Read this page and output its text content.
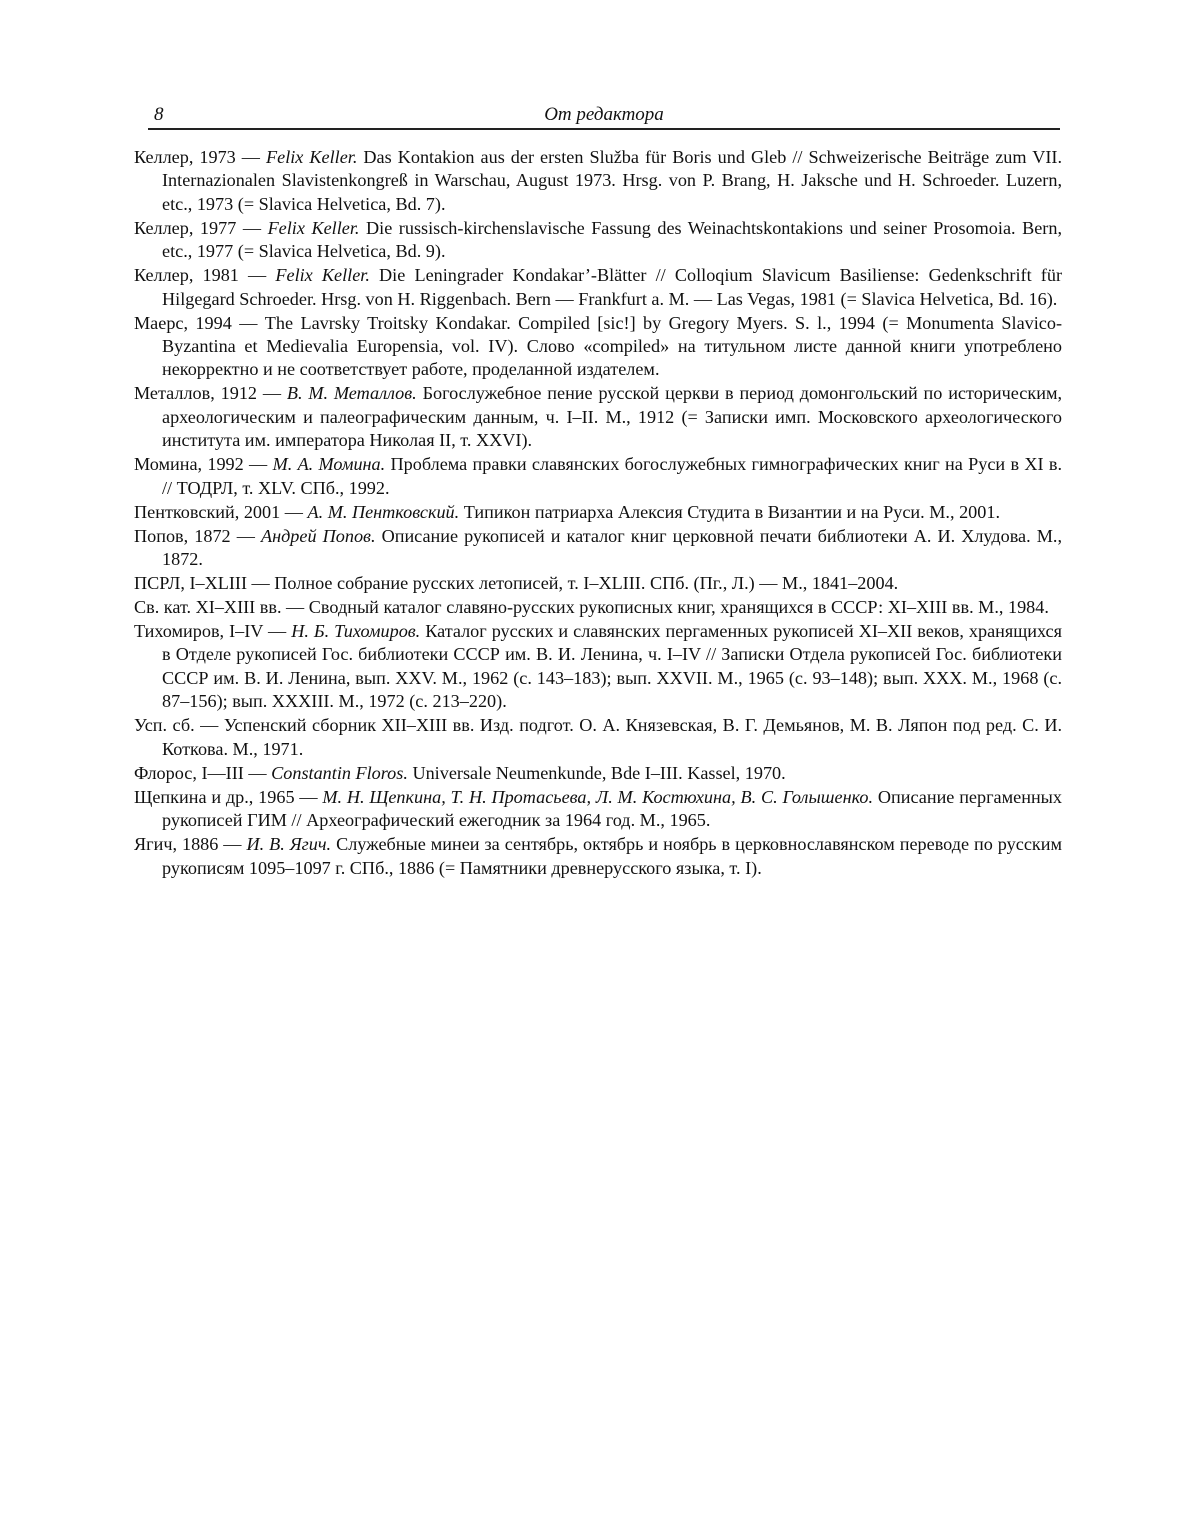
8	От редактора

Келлер, 1973 — Felix Keller. Das Kontakion aus der ersten Služba für Boris und Gleb // Schweizerische Beiträge zum VII. Internazionalen Slavistenkongreß in Warschau, August 1973. Hrsg. von P. Brang, H. Jaksche und H. Schroeder. Luzern, etc., 1973 (= Slavica Helvetica, Bd. 7).

Келлер, 1977 — Felix Keller. Die russisch-kirchenslavische Fassung des Weinachtskontakions und seiner Prosomoia. Bern, etc., 1977 (= Slavica Helvetica, Bd. 9).

Келлер, 1981 — Felix Keller. Die Leningrader Kondakar’-Blätter // Colloqium Slavicum Basiliense: Gedenkschrift für Hilgegard Schroeder. Hrsg. von H. Riggenbach. Bern — Frankfurt a. M. — Las Vegas, 1981 (= Slavica Helvetica, Bd. 16).

Маерс, 1994 — The Lavrsky Troitsky Kondakar. Compiled [sic!] by Gregory Myers. S. l., 1994 (= Monumenta Slavico-Byzantina et Medievalia Europensia, vol. IV). Слово «compiled» на титульном листе данной книги употреблено некорректно и не соответствует работе, проделанной издателем.

Металлов, 1912 — В. М. Металлов. Богослужебное пение русской церкви в период домонгольский по историческим, археологическим и палеографическим данным, ч. I–II. М., 1912 (= Записки имп. Московского археологического института им. императора Николая II, т. XXVI).

Момина, 1992 — М. А. Момина. Проблема правки славянских богослужебных гимнографических книг на Руси в XI в. // ТОДРЛ, т. XLV. СПб., 1992.

Пентковский, 2001 — А. М. Пентковский. Типикон патриарха Алексия Студита в Византии и на Руси. М., 2001.

Попов, 1872 — Андрей Попов. Описание рукописей и каталог книг церковной печати библиотеки А. И. Хлудова. М., 1872.

ПСРЛ, I–XLIII — Полное собрание русских летописей, т. I–XLIII. СПб. (Пг., Л.) — М., 1841–2004.

Св. кат. XI–XIII вв. — Сводный каталог славяно-русских рукописных книг, хранящихся в СССР: XI–XIII вв. М., 1984.

Тихомиров, I–IV — Н. Б. Тихомиров. Каталог русских и славянских пергаменных рукописей XI–XII веков, хранящихся в Отделе рукописей Гос. библиотеки СССР им. В. И. Ленина, ч. I–IV // Записки Отдела рукописей Гос. библиотеки СССР им. В. И. Ленина, вып. XXV. М., 1962 (с. 143–183); вып. XXVII. М., 1965 (с. 93–148); вып. XXX. М., 1968 (с. 87–156); вып. XXXIII. М., 1972 (с. 213–220).

Усп. сб. — Успенский сборник XII–XIII вв. Изд. подгот. О. А. Князевская, В. Г. Демьянов, М. В. Ляпон под ред. С. И. Коткова. М., 1971.

Флорос, I—III — Constantin Floros. Universale Neumenkunde, Bde I–III. Kassel, 1970.

Щепкина и др., 1965 — М. Н. Щепкина, Т. Н. Протасьева, Л. М. Костюхина, В. С. Голышенко. Описание пергаменных рукописей ГИМ // Археографический ежегодник за 1964 год. М., 1965.

Ягич, 1886 — И. В. Ягич. Служебные минеи за сентябрь, октябрь и ноябрь в церковнославянском переводе по русским рукописям 1095–1097 г. СПб., 1886 (= Памятники древнерусского языка, т. I).
